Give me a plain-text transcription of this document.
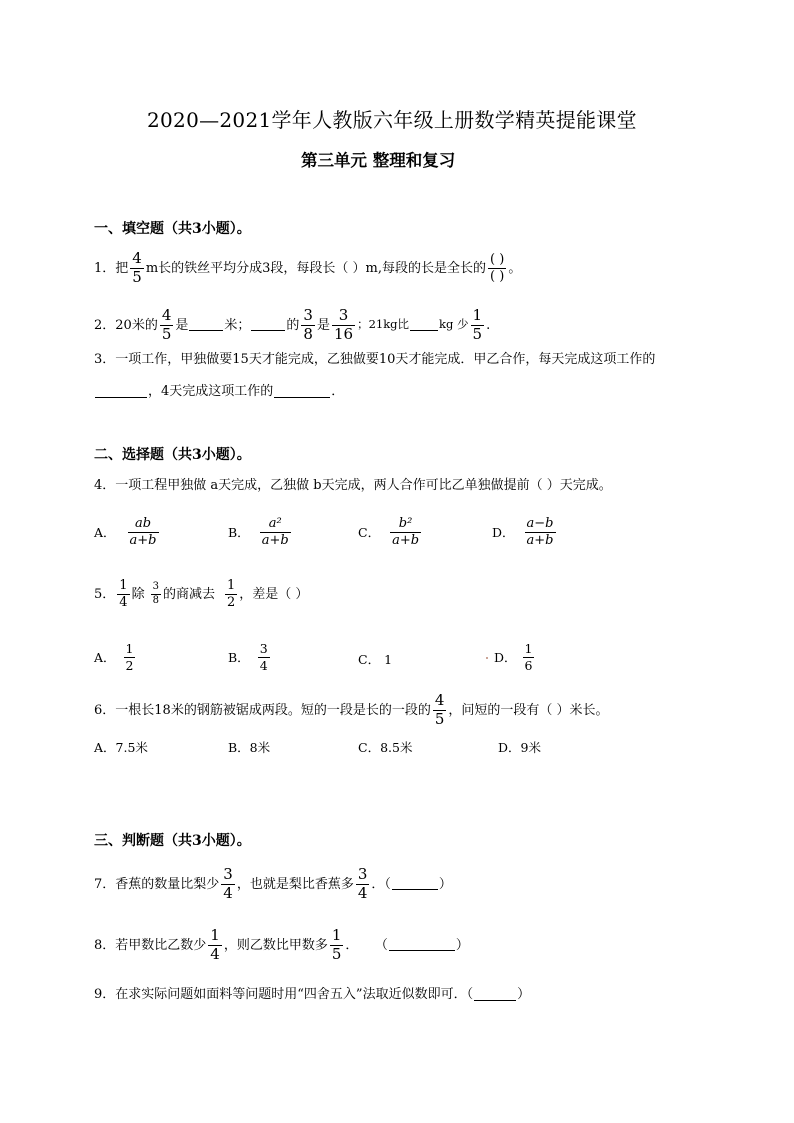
2020—2021学年人教版六年级上册数学精英提能课堂
第三单元 整理和复习
一、填空题（共3小题）。
1．把 $\frac{4}{5}$ m长的铁丝平均分成3段，每段长（ ）m,每段的长是全长的 $\frac{( )}{( )}$ 。
2．20米的 $\frac{4}{5}$ 是	米；	的 $\frac{3}{8}$ 是 $\frac{3}{16}$ ；21kg比	kg 少 $\frac{1}{5}$ .
3．一项工作，甲独做要15天才能完成，乙独做要10天才能完成．甲乙合作，每天完成这项工作的
，4天完成这项工作的	．
二、选择题（共3小题）。
4．一项工程甲独做 a天完成，乙独做 b天完成，两人合作可比乙单独做提前（ ）天完成。
A． $\frac{ab}{a+b}$	B． $\frac{\text{a²}}{a+b}$	C． $\frac{\text{b²}}{a+b}$	D． $\frac{a-b}{a+b}$
5． $\frac{1}{4}$ 除 $\frac{3}{8}$ 的商减去 $\frac{1}{2}$ ，差是（ ）
A． $\frac{1}{2}$	B． $\frac{3}{4}$	C． 1	D． $\frac{1}{6}$
6．一根长18米的钢筋被锯成两段。短的一段是长的一段的 $\frac{4}{5}$ ，问短的一段有（ ）米长。
A．7.5米	B．8米	C．8.5米	D．9米
三、判断题（共3小题）。
7．香蕉的数量比梨少 $\frac{3}{4}$ ，也就是梨比香蕉多 $\frac{3}{4}$ ．（	）
8．若甲数比乙数少 $\frac{1}{4}$ ，则乙数比甲数多 $\frac{1}{5}$ ．    （	）
9．在求实际问题如面料等问题时用“四舍五入”法取近似数即可．（	）
